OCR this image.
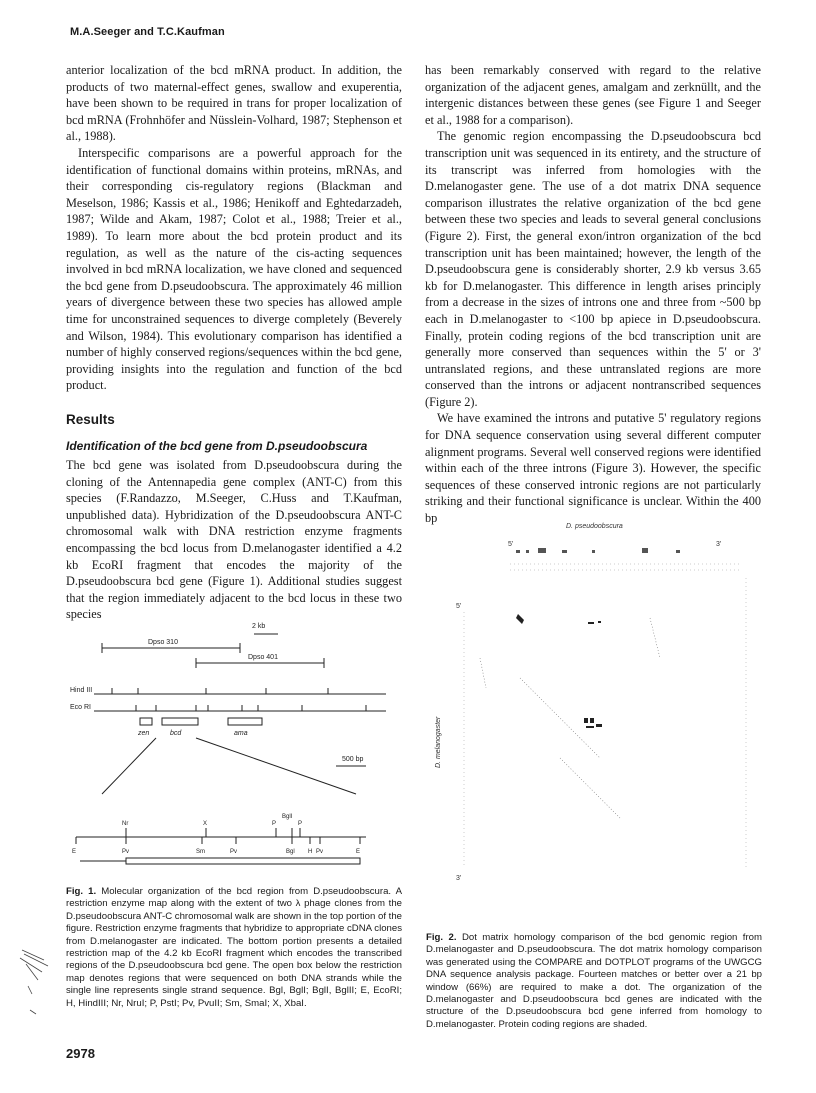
M.A.Seeger and T.C.Kaufman

anterior localization of the bcd mRNA product. In addition, the products of two maternal-effect genes, swallow and exuperentia, have been shown to be required in trans for proper localization of bcd mRNA (Frohnhöfer and Nüsslein-Volhard, 1987; Stephenson et al., 1988).

Interspecific comparisons are a powerful approach for the identification of functional domains within proteins, mRNAs, and their corresponding cis-regulatory regions (Blackman and Meselson, 1986; Kassis et al., 1986; Henikoff and Eghtedarzadeh, 1987; Wilde and Akam, 1987; Colot et al., 1988; Treier et al., 1989). To learn more about the bcd protein product and its regulation, as well as the nature of the cis-acting sequences involved in bcd mRNA localization, we have cloned and sequenced the bcd gene from D.pseudoobscura. The approximately 46 million years of divergence between these two species has allowed ample time for unconstrained sequences to diverge completely (Beverely and Wilson, 1984). This evolutionary comparison has identified a number of highly conserved regions/sequences within the bcd gene, providing insights into the regulation and function of the bcd product.

Results
Identification of the bcd gene from D.pseudoobscura

The bcd gene was isolated from D.pseudoobscura during the cloning of the Antennapedia gene complex (ANT-C) from this species (F.Randazzo, M.Seeger, C.Huss and T.Kaufman, unpublished data). Hybridization of the D.pseudoobscura ANT-C chromosomal walk with DNA restriction enzyme fragments encompassing the bcd locus from D.melanogaster identified a 4.2 kb EcoRI fragment that encodes the majority of the D.pseudoobscura bcd gene (Figure 1). Additional studies suggest that the region immediately adjacent to the bcd locus in these two species

has been remarkably conserved with regard to the relative organization of the adjacent genes, amalgam and zerknüllt, and the intergenic distances between these genes (see Figure 1 and Seeger et al., 1988 for a comparison).

The genomic region encompassing the D.pseudoobscura bcd transcription unit was sequenced in its entirety, and the structure of its transcript was inferred from homologies with the D.melanogaster gene. The use of a dot matrix DNA sequence comparison illustrates the relative organization of the bcd gene between these two species and leads to several general conclusions (Figure 2). First, the general exon/intron organization of the bcd transcription unit has been maintained; however, the length of the D.pseudoobscura gene is considerably shorter, 2.9 kb versus 3.65 kb for D.melanogaster. This difference in length arises principly from a decrease in the sizes of introns one and three from ~500 bp each in D.melanogaster to <100 bp apiece in D.pseudoobscura. Finally, protein coding regions of the bcd transcription unit are generally more conserved than sequences within the 5' or 3' untranslated regions, and these untranslated regions are more conserved than the introns or adjacent nontranscribed sequences (Figure 2).

We have examined the introns and putative 5' regulatory regions for DNA sequence conservation using several different computer alignment programs. Several well conserved regions were identified within each of the three introns (Figure 3). However, the specific sequences of these conserved intronic regions are not particularly striking and their functional significance is unclear. Within the 400 bp

2 kb
Dpso 310
Dpso 401
Hind III
Eco RI
zen	bcd	ama
500 bp
Nr	X	P
BglI
P
E	Pv	Sm	Pv	Bgl H Pv	E
D. pseudoobscura
5'	3'
5'
3'
D. melanogaster
Fig. 1. Molecular organization of the bcd region from D.pseudoobscura. A restriction enzyme map along with the extent of two λ phage clones from the D.pseudoobscura ANT-C chromosomal walk are shown in the top portion of the figure. Restriction enzyme fragments that hybridize to appropriate cDNA clones from D.melanogaster are indicated. The bottom portion presents a detailed restriction map of the 4.2 kb EcoRI fragment which encodes the transcribed regions of the D.pseudoobscura bcd gene. The open box below the restriction map denotes regions that were sequenced on both DNA strands while the single line represents single strand sequence. Bgl, BglI; BglI, BglII; E, EcoRI; H, HindIII; Nr, NruI; P, PstI; Pv, PvuII; Sm, SmaI; X, XbaI.
Fig. 2. Dot matrix homology comparison of the bcd genomic region from D.melanogaster and D.pseudoobscura. The dot matrix homology comparison was generated using the COMPARE and DOTPLOT programs of the UWGCG DNA sequence analysis package. Fourteen matches or better over a 21 bp window (66%) are required to make a dot. The organization of the D.melanogaster and D.pseudoobscura bcd genes are indicated with the structure of the D.pseudoobscura bcd gene inferred from homology to D.melanogaster. Protein coding regions are shaded.
2978
